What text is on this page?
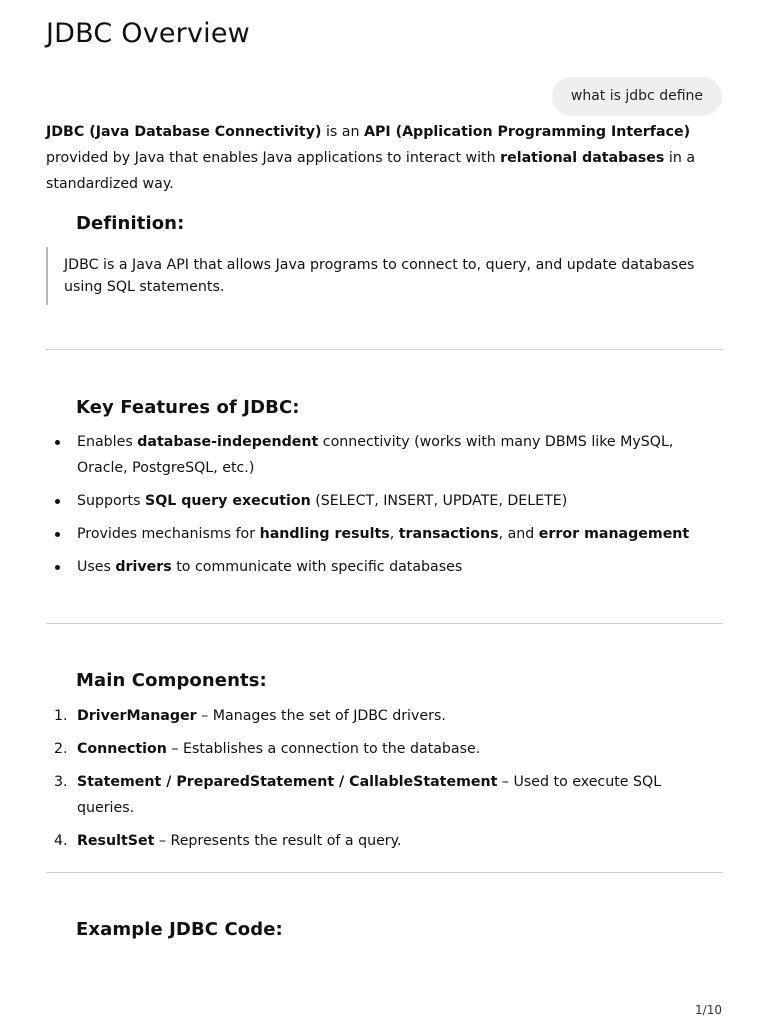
JDBC Overview
what is jdbc define

JDBC (Java Database Connectivity) is an API (Application Programming Interface) provided by Java that enables Java applications to interact with relational databases in a standardized way.

Definition:
JDBC is a Java API that allows Java programs to connect to, query, and update databases using SQL statements.
Key Features of JDBC:
Enables database-independent connectivity (works with many DBMS like MySQL, Oracle, PostgreSQL, etc.)
Supports SQL query execution (SELECT, INSERT, UPDATE, DELETE)
Provides mechanisms for handling results, transactions, and error management
Uses drivers to communicate with specific databases
Main Components:
1. DriverManager – Manages the set of JDBC drivers.
2. Connection – Establishes a connection to the database.
3. Statement / PreparedStatement / CallableStatement – Used to execute SQL queries.
4. ResultSet – Represents the result of a query.
Example JDBC Code:
1/10
